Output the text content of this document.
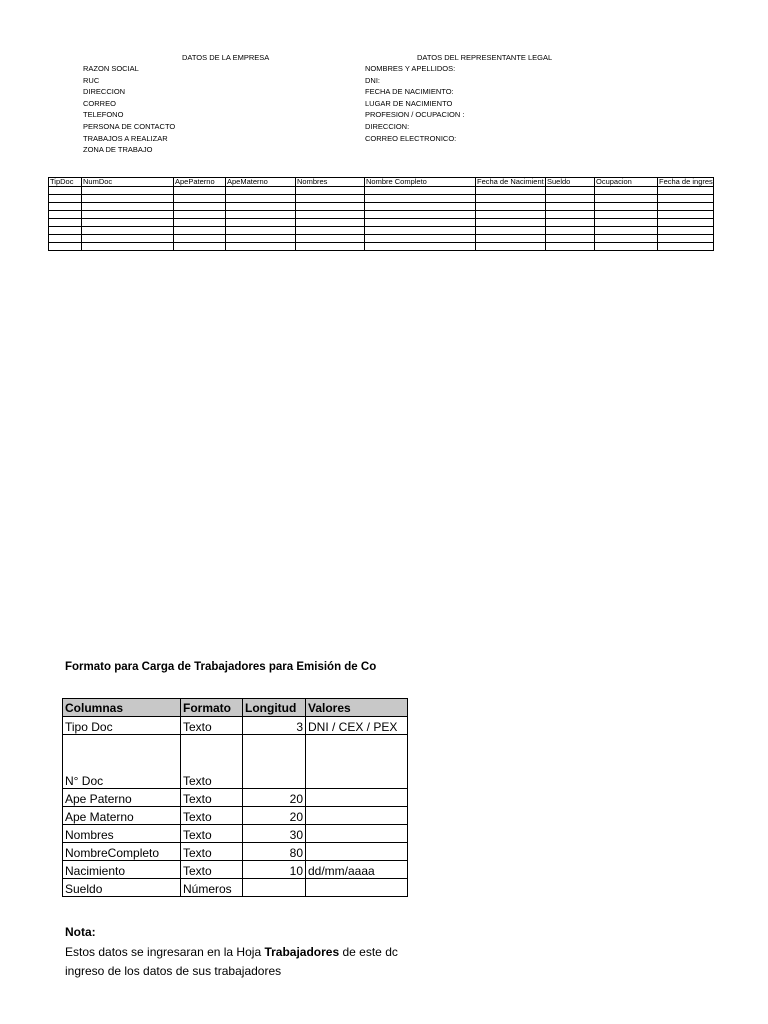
DATOS DE LA EMPRESA	DATOS DEL REPRESENTANTE LEGAL
RAZON SOCIAL
RUC
DIRECCION
CORREO
TELEFONO
PERSONA DE CONTACTO
TRABAJOS A REALIZAR
ZONA DE TRABAJO
NOMBRES Y APELLIDOS:
DNI:
FECHA DE NACIMIENTO:
LUGAR DE NACIMIENTO
PROFESION / OCUPACION :
DIRECCION:
CORREO ELECTRONICO:
TipDoc	NumDoc	ApePaterno	ApeMaterno	Nombres	Nombre Completo	Fecha de Nacimient	Sueldo	Ocupacion	Fecha de ingres

Formato para Carga de Trabajadores para Emisión de Co
Columnas	Formato	Longitud	Valores
Tipo Doc	Texto	3	DNI / CEX / PEX
N° Doc	Texto		
Ape Paterno	Texto	20	
Ape Materno	Texto	20	
Nombres	Texto	30	
NombreCompleto	Texto	80	
Nacimiento	Texto	10	dd/mm/aaaa
Sueldo	Números		
Nota:
Estos datos se ingresaran en la Hoja Trabajadores de este dc
ingreso de los datos de sus trabajadores
